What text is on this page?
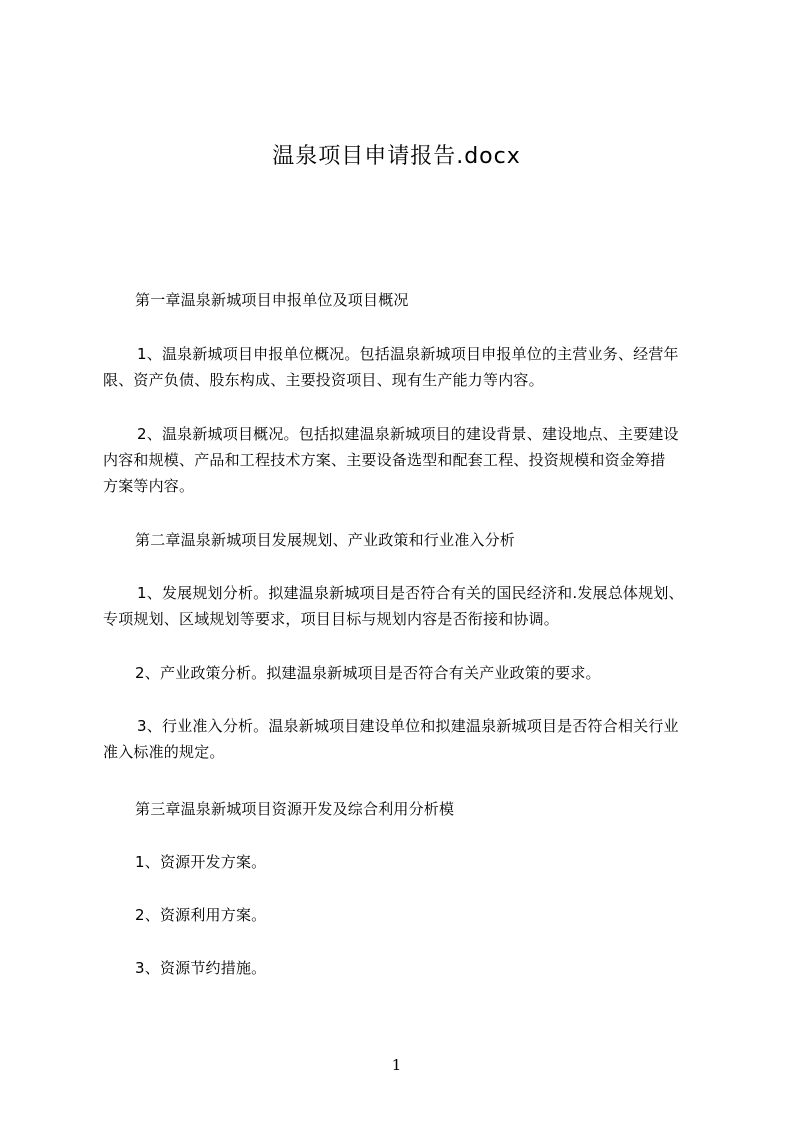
温泉项目申请报告.docx
第一章温泉新城项目申报单位及项目概况
1、温泉新城项目申报单位概况。包括温泉新城项目申报单位的主营业务、经营年
限、资产负债、股东构成、主要投资项目、现有生产能力等内容。
2、温泉新城项目概况。包括拟建温泉新城项目的建设背景、建设地点、主要建设
内容和规模、产品和工程技术方案、主要设备选型和配套工程、投资规模和资金筹措
方案等内容。
第二章温泉新城项目发展规划、产业政策和行业准入分析
1、发展规划分析。拟建温泉新城项目是否符合有关的国民经济和.发展总体规划、
专项规划、区域规划等要求，项目目标与规划内容是否衔接和协调。
2、产业政策分析。拟建温泉新城项目是否符合有关产业政策的要求。
3、行业准入分析。温泉新城项目建设单位和拟建温泉新城项目是否符合相关行业
准入标准的规定。
第三章温泉新城项目资源开发及综合利用分析模
1、资源开发方案。
2、资源利用方案。
3、资源节约措施。
1
